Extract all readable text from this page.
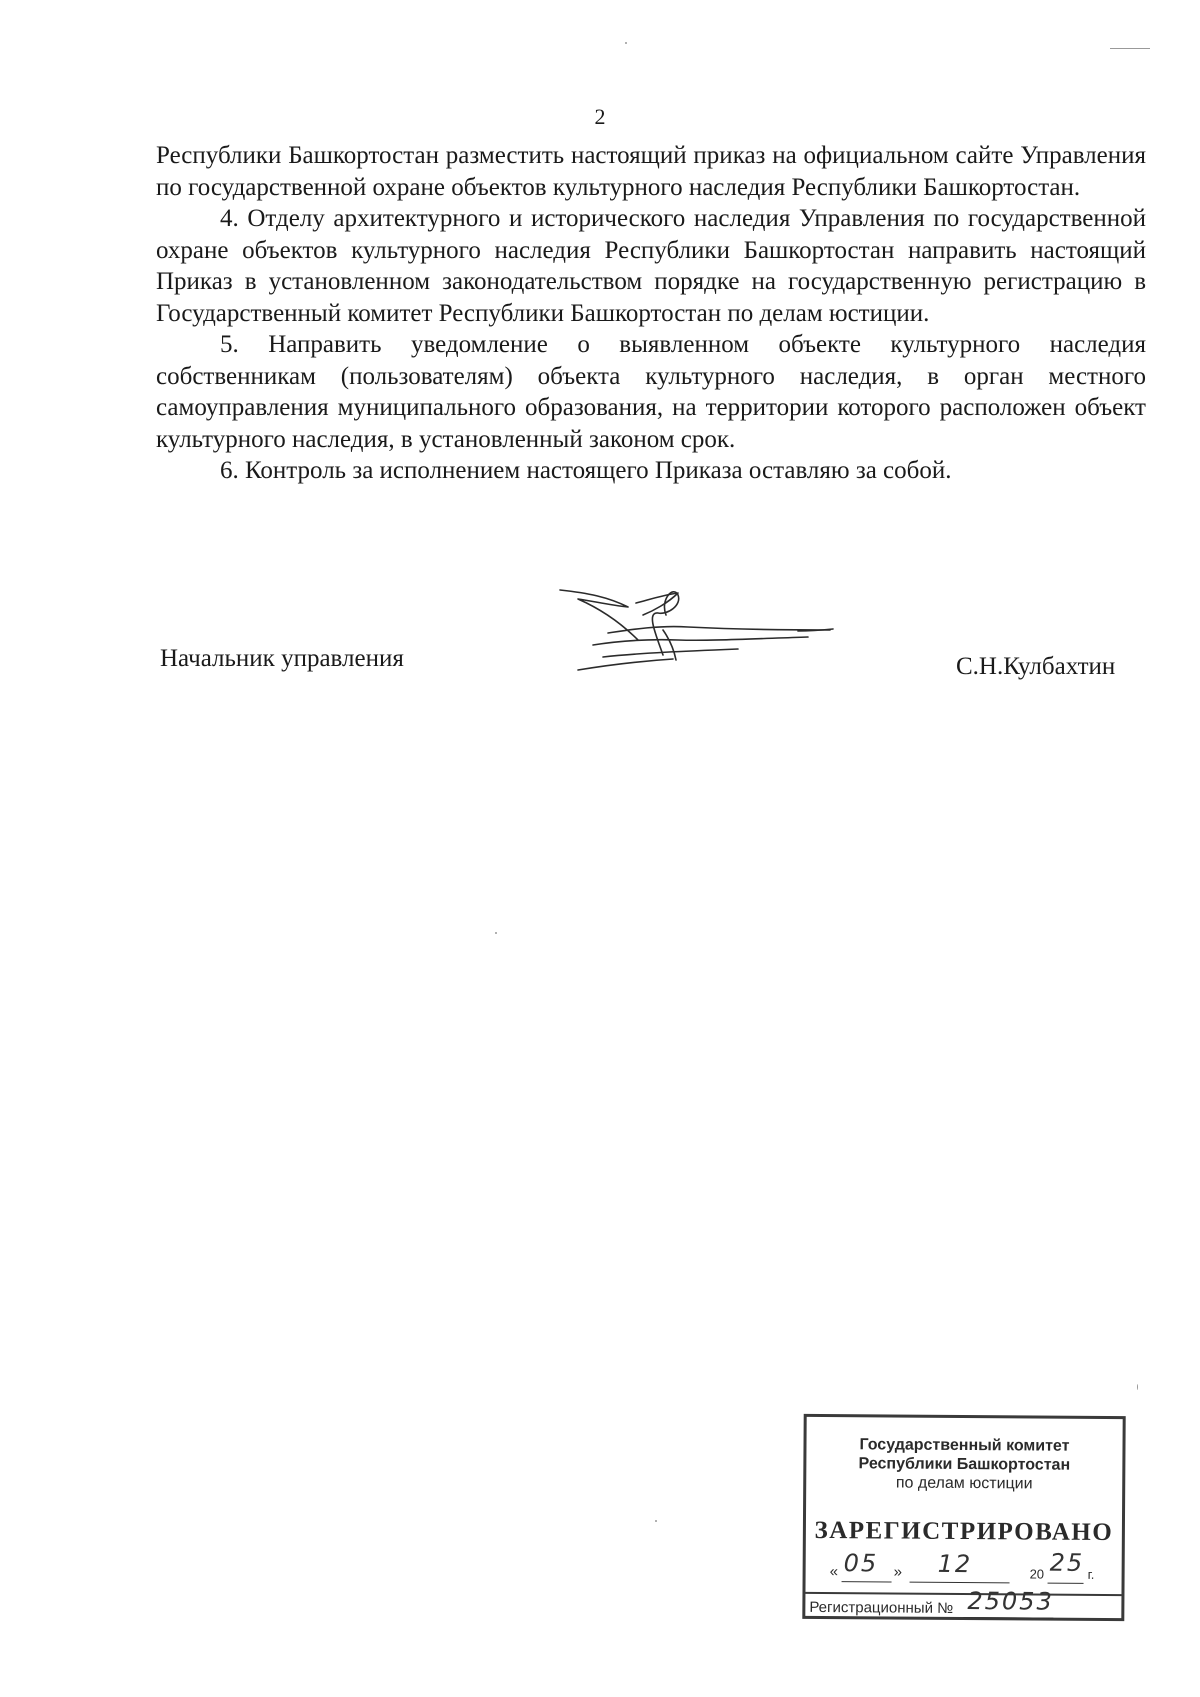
2

Республики Башкортостан разместить настоящий приказ на официальном сайте Управления по государственной охране объектов культурного наследия Республики Башкортостан.

4. Отделу архитектурного и исторического наследия Управления по государственной охране объектов культурного наследия Республики Башкортостан направить настоящий Приказ в установленном законодательством порядке на государственную регистрацию в Государственный комитет Республики Башкортостан по делам юстиции.

5. Направить уведомление о выявленном объекте культурного наследия собственникам (пользователям) объекта культурного наследия, в орган местного самоуправления муниципального образования, на территории которого расположен объект культурного наследия, в установленный законом срок.

6. Контроль за исполнением настоящего Приказа оставляю за собой.

Начальник управления	С.Н.Кулбахтин
Государственный комитет
Республики Башкортостан
по делам юстиции
ЗАРЕГИСТРИРОВАНО
« 05 » 12	20 25 г.
Регистрационный № 25053
